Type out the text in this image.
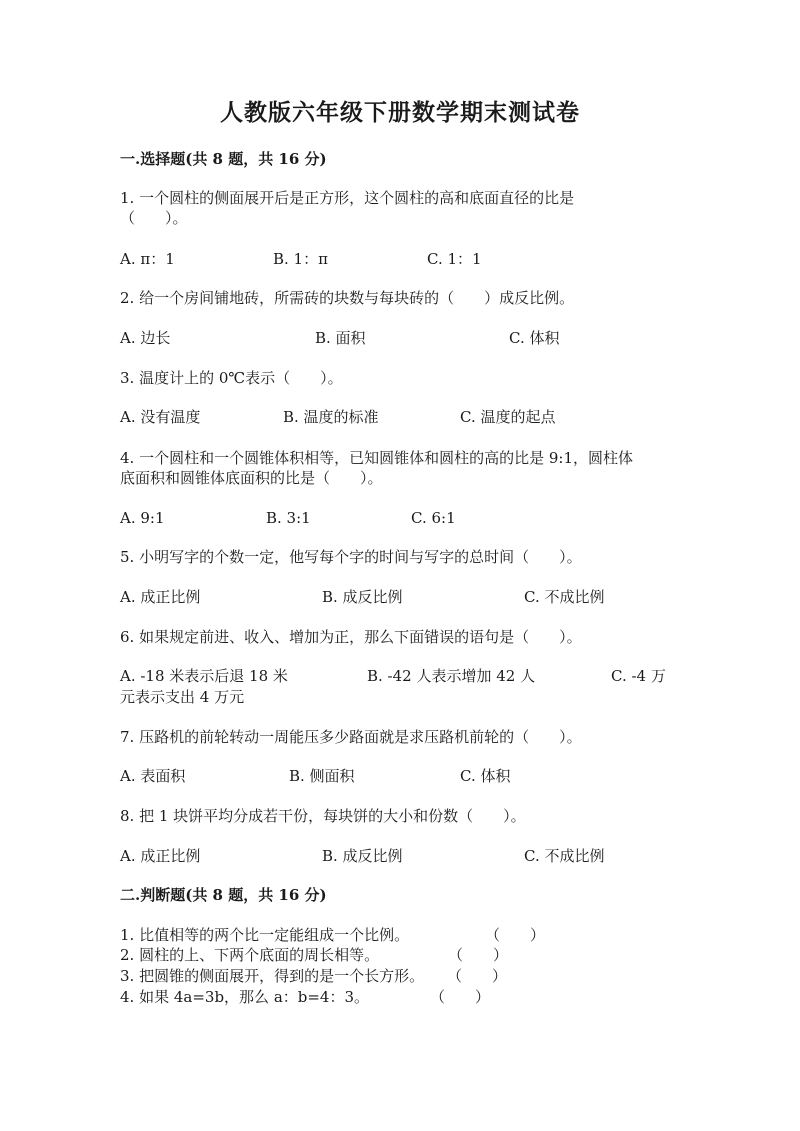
人教版六年级下册数学期末测试卷
一.选择题(共 8 题，共 16 分)
1. 一个圆柱的侧面展开后是正方形，这个圆柱的高和底面直径的比是
（　　）。
A. π：1	B. 1：π	C. 1：1
2. 给一个房间铺地砖，所需砖的块数与每块砖的（　　）成反比例。
A. 边长	B. 面积	C. 体积
3. 温度计上的 0℃表示（　　）。
A. 没有温度	B. 温度的标准	C. 温度的起点
4. 一个圆柱和一个圆锥体积相等，已知圆锥体和圆柱的高的比是 9:1，圆柱体
底面积和圆锥体底面积的比是（　　）。
A. 9:1	B. 3:1	C. 6:1
5. 小明写字的个数一定，他写每个字的时间与写字的总时间（　　）。
A. 成正比例	B. 成反比例	C. 不成比例
6. 如果规定前进、收入、增加为正，那么下面错误的语句是（　　）。
A. -18 米表示后退 18 米	B. -42 人表示增加 42 人	C. -4 万
元表示支出 4 万元
7. 压路机的前轮转动一周能压多少路面就是求压路机前轮的（　　）。
A. 表面积	B. 侧面积	C. 体积
8. 把 1 块饼平均分成若干份，每块饼的大小和份数（　　）。
A. 成正比例	B. 成反比例	C. 不成比例
二.判断题(共 8 题，共 16 分)
1. 比值相等的两个比一定能组成一个比例。	（　　）
2. 圆柱的上、下两个底面的周长相等。	（　　）
3. 把圆锥的侧面展开，得到的是一个长方形。 （　　）
4. 如果 4a=3b，那么 a：b=4：3。	（　　）
